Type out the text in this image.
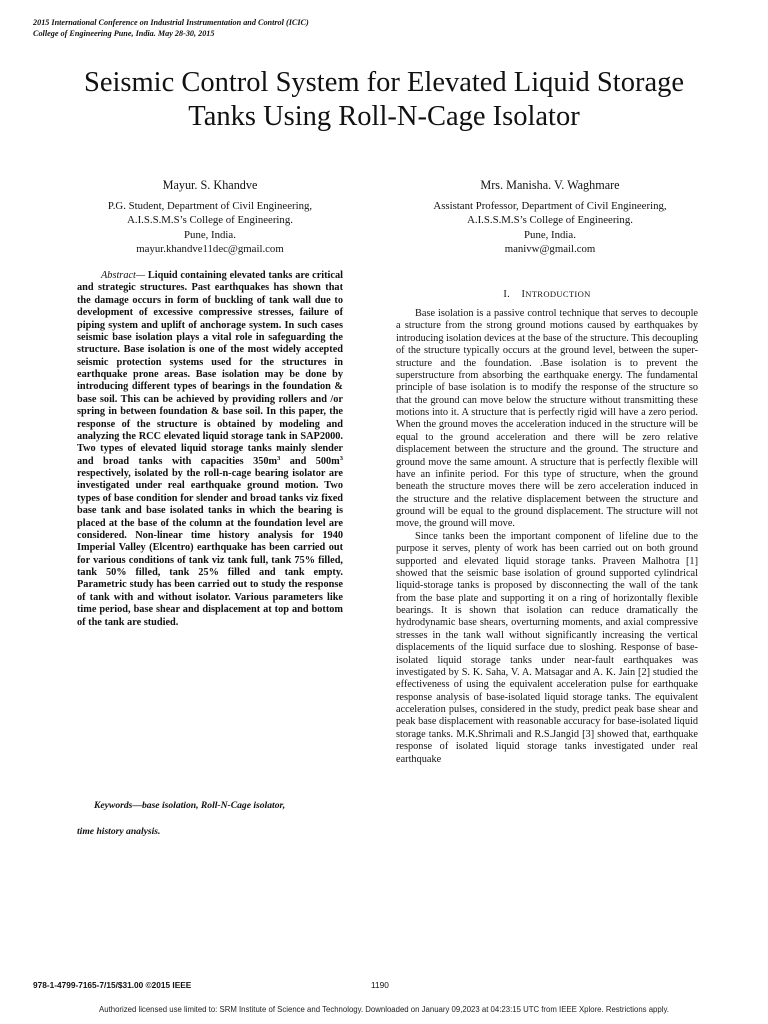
2015 International Conference on Industrial Instrumentation and Control (ICIC)
College of Engineering Pune, India. May 28-30, 2015
Seismic Control System for Elevated Liquid Storage
Tanks Using Roll-N-Cage Isolator
Mayur. S. Khandve
P.G. Student, Department of Civil Engineering,
A.I.S.S.M.S’s College of Engineering.
Pune, India.
mayur.khandve11dec@gmail.com
Mrs. Manisha. V. Waghmare
Assistant Professor, Department of Civil Engineering,
A.I.S.S.M.S’s College of Engineering.
Pune, India.
manivw@gmail.com

Abstract— Liquid containing elevated tanks are critical and strategic structures. Past earthquakes has shown that the damage occurs in form of buckling of tank wall due to development of excessive compressive stresses, failure of piping system and uplift of anchorage system. In such cases seismic base isolation plays a vital role in safeguarding the structure. Base isolation is one of the most widely accepted seismic protection systems used for the structures in earthquake prone areas. Base isolation may be done by introducing different types of bearings in the foundation & base soil. This can be achieved by providing rollers and /or spring in between foundation & base soil. In this paper, the response of the structure is obtained by modeling and analyzing the RCC elevated liquid storage tank in SAP2000. Two types of elevated liquid storage tanks mainly slender and broad tanks with capacities $350m^3$ and $500m^3$ respectively, isolated by the roll-n-cage bearing isolator are investigated under real earthquake ground motion. Two types of base condition for slender and broad tanks viz fixed base tank and base isolated tanks in which the bearing is placed at the base of the column at the foundation level are considered. Non-linear time history analysis for 1940 Imperial Valley (Elcentro) earthquake has been carried out for various conditions of tank viz tank full, tank 75% filled, tank 50% filled, tank 25% filled and tank empty. Parametric study has been carried out to study the response of tank with and without isolator. Various parameters like time period, base shear and displacement at top and bottom of the tank are studied.

Keywords—base isolation, Roll-N-Cage isolator,
time history analysis.
I. INTRODUCTION

Base isolation is a passive control technique that serves to decouple a structure from the strong ground motions caused by earthquakes by introducing isolation devices at the base of the structure. This decoupling of the structure typically occurs at the ground level, between the super-structure and the foundation. .Base isolation is to prevent the superstructure from absorbing the earthquake energy. The fundamental principle of base isolation is to modify the response of the structure so that the ground can move below the structure without transmitting these motions into it. A structure that is perfectly rigid will have a zero period. When the ground moves the acceleration induced in the structure will be equal to the ground acceleration and there will be zero relative displacement between the structure and the ground. The structure and ground move the same amount. A structure that is perfectly flexible will have an infinite period. For this type of structure, when the ground beneath the structure moves there will be zero acceleration induced in the structure and the relative displacement between the structure and ground will be equal to the ground displacement. The structure will not move, the ground will move.

Since tanks been the important component of lifeline due to the purpose it serves, plenty of work has been carried out on both ground supported and elevated liquid storage tanks. Praveen Malhotra [1] showed that the seismic base isolation of ground supported cylindrical liquid-storage tanks is proposed by disconnecting the wall of the tank from the base plate and supporting it on a ring of horizontally flexible bearings. It is shown that isolation can reduce dramatically the hydrodynamic base shears, overturning moments, and axial compressive stresses in the tank wall without significantly increasing the vertical displacements of the liquid surface due to sloshing. Response of base-isolated liquid storage tanks under near-fault earthquakes was investigated by S. K. Saha, V. A. Matsagar and A. K. Jain [2] studied the effectiveness of using the equivalent acceleration pulse for earthquake response analysis of base-isolated liquid storage tanks. The equivalent acceleration pulses, considered in the study, predict peak base shear and peak base displacement with reasonable accuracy for base-isolated liquid storage tanks. M.K.Shrimali and R.S.Jangid [3] showed that, earthquake response of isolated liquid storage tanks investigated under real earthquake

978-1-4799-7165-7/15/$31.00 ©2015 IEEE	1190
Authorized licensed use limited to: SRM Institute of Science and Technology. Downloaded on January 09,2023 at 04:23:15 UTC from IEEE Xplore. Restrictions apply.
